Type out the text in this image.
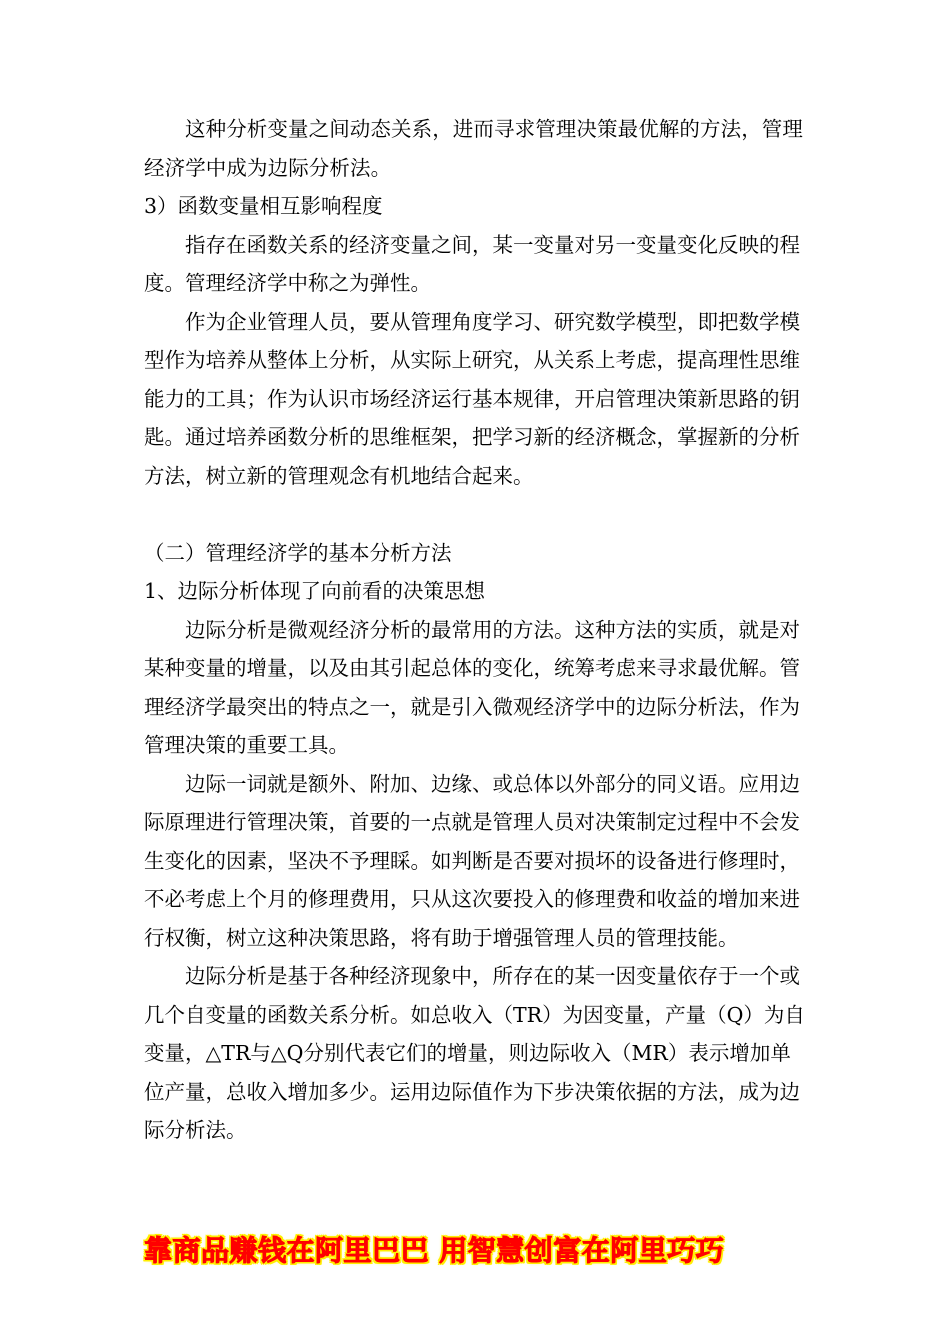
这种分析变量之间动态关系，进而寻求管理决策最优解的方法，管理经济学中成为边际分析法。

3）函数变量相互影响程度

指存在函数关系的经济变量之间，某一变量对另一变量变化反映的程度。管理经济学中称之为弹性。

作为企业管理人员，要从管理角度学习、研究数学模型，即把数学模型作为培养从整体上分析，从实际上研究，从关系上考虑，提高理性思维能力的工具；作为认识市场经济运行基本规律，开启管理决策新思路的钥匙。通过培养函数分析的思维框架，把学习新的经济概念，掌握新的分析方法，树立新的管理观念有机地结合起来。

（二）管理经济学的基本分析方法

1、边际分析体现了向前看的决策思想

边际分析是微观经济分析的最常用的方法。这种方法的实质，就是对某种变量的增量，以及由其引起总体的变化，统筹考虑来寻求最优解。管理经济学最突出的特点之一，就是引入微观经济学中的边际分析法，作为管理决策的重要工具。

边际一词就是额外、附加、边缘、或总体以外部分的同义语。应用边际原理进行管理决策，首要的一点就是管理人员对决策制定过程中不会发生变化的因素，坚决不予理睬。如判断是否要对损坏的设备进行修理时，不必考虑上个月的修理费用，只从这次要投入的修理费和收益的增加来进行权衡，树立这种决策思路，将有助于增强管理人员的管理技能。

边际分析是基于各种经济现象中，所存在的某一因变量依存于一个或几个自变量的函数关系分析。如总收入（TR）为因变量，产量（Q）为自变量，△TR与△Q分别代表它们的增量，则边际收入（MR）表示增加单位产量，总收入增加多少。运用边际值作为下步决策依据的方法，成为边际分析法。

靠商品赚钱在阿里巴巴 用智慧创富在阿里巧巧
